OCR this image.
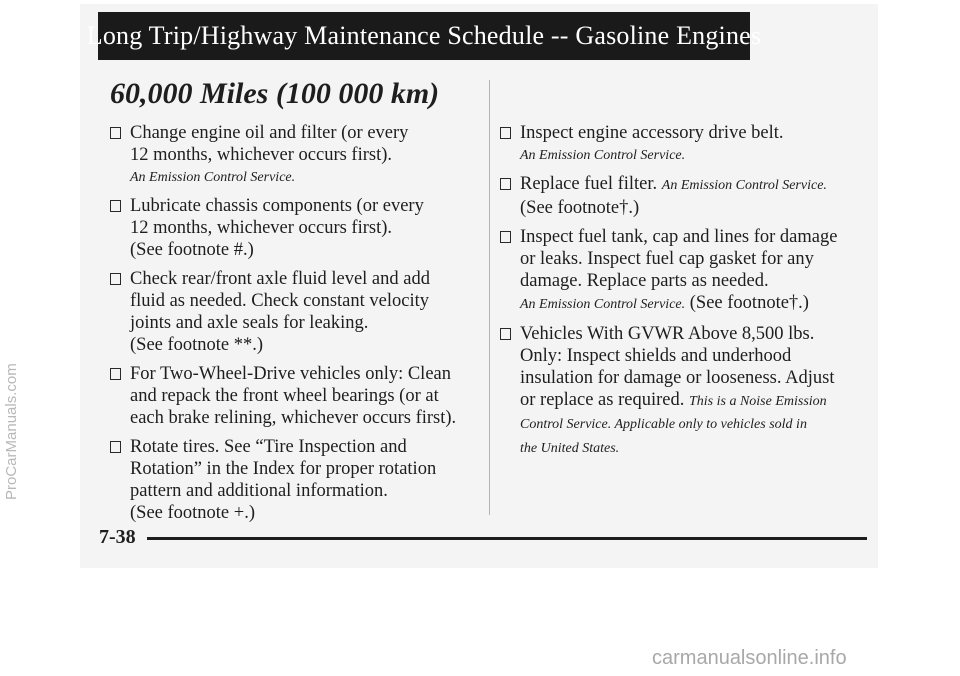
Long Trip/Highway Maintenance Schedule -- Gasoline Engines
60,000 Miles (100 000 km)
Change engine oil and filter (or every
12 months, whichever occurs first).
An Emission Control Service.
Lubricate chassis components (or every
12 months, whichever occurs first).
(See footnote #.)
Check rear/front axle fluid level and add
fluid as needed. Check constant velocity
joints and axle seals for leaking.
(See footnote **.)
For Two-Wheel-Drive vehicles only: Clean
and repack the front wheel bearings (or at
each brake relining, whichever occurs first).
Rotate tires. See “Tire Inspection and
Rotation” in the Index for proper rotation
pattern and additional information.
(See footnote +.)
Inspect engine accessory drive belt.
An Emission Control Service.
Replace fuel filter. An Emission Control Service.
(See footnote†.)
Inspect fuel tank, cap and lines for damage
or leaks. Inspect fuel cap gasket for any
damage. Replace parts as needed.
An Emission Control Service. (See footnote†.)
Vehicles With GVWR Above 8,500 lbs.
Only: Inspect shields and underhood
insulation for damage or looseness. Adjust
or replace as required. This is a Noise Emission
Control Service. Applicable only to vehicles sold in
the United States.

7-38

ProCarManuals.com
carmanualsonline.info
